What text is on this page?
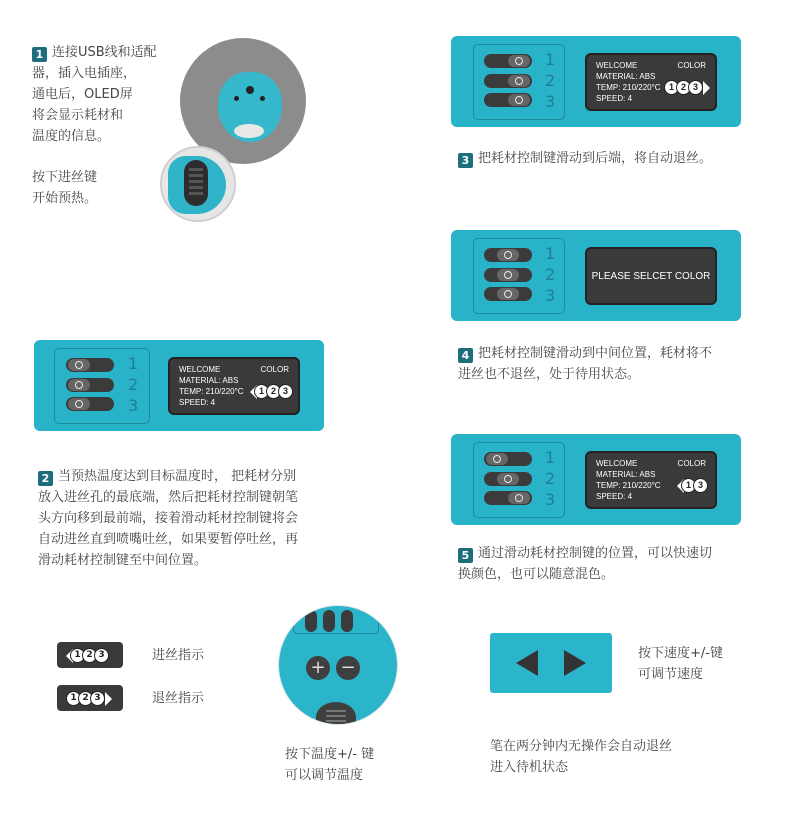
1 连接USB线和适配
器，插入电插座，
通电后，OLED屏
将会显示耗材和
温度的信息。
按下进丝键
开始预热。
1
2
3
WELCOME	COLOR
MATERIAL: ABS
TEMP: 210/220°C
SPEED: 4
1 2 3
2 当预热温度达到目标温度时， 把耗材分别
放入进丝孔的最底端，然后把耗材控制键朝笔
头方向移到最前端，接着滑动耗材控制键将会
自动进丝直到喷嘴吐丝，如果要暂停吐丝，再
滑动耗材控制键至中间位置。
1
2
3
WELCOME	COLOR
MATERIAL: ABS
TEMP: 210/220°C
SPEED: 4
1 2 3
3 把耗材控制键滑动到后端，将自动退丝。
1
2
3
PLEASE SELCET COLOR
4 把耗材控制键滑动到中间位置，耗材将不
进丝也不退丝，处于待用状态。
1
2
3
WELCOME	COLOR
MATERIAL: ABS
TEMP: 210/220°C
SPEED: 4
1 3
5 通过滑动耗材控制键的位置，可以快速切
换颜色，也可以随意混色。
1 2 3	进丝指示
1 2 3	退丝指示
+ −
按下温度+/- 键
可以调节温度
按下速度+/-键
可调节速度
笔在两分钟内无操作会自动退丝
进入待机状态
